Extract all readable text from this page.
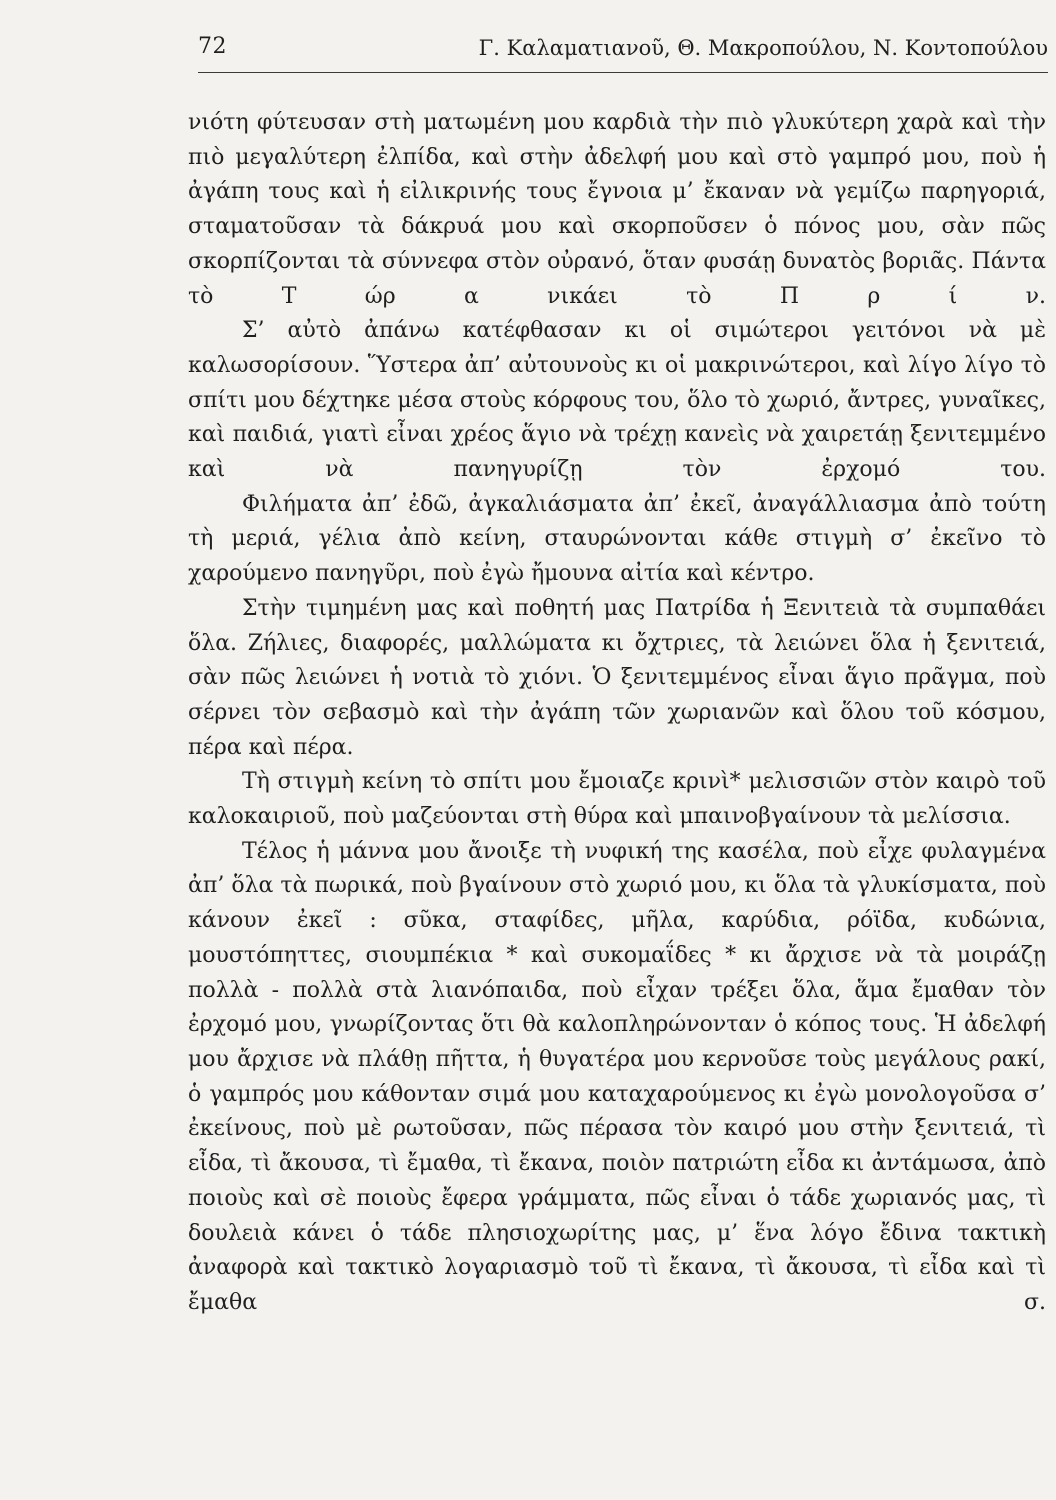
72	Γ. Καλαματιανοῦ, Θ. Μακροπούλου, Ν. Κοντοπούλου

νιότη φύτευσαν στὴ ματωμένη μου καρδιὰ τὴν πιὸ γλυκύτερη χαρὰ καὶ τὴν πιὸ μεγαλύτερη ἐλπίδα, καὶ στὴν ἀδελφή μου καὶ στὸ γαμπρό μου, ποὺ ἡ ἀγάπη τους καὶ ἡ εἰλικρινής τους ἔγνοια μ’ ἔκαναν νὰ γεμίζω παρηγοριά, σταματοῦσαν τὰ δάκρυά μου καὶ σκορποῦσεν ὁ πόνος μου, σὰν πῶς σκορπίζονται τὰ σύννεφα στὸν οὐρανό, ὅταν φυσάῃ δυνατὸς βοριᾶς. Πάντα τὸ Τ ώρ α νικάει τὸ Π ρ ί ν.

Σ’ αὐτὸ ἀπάνω κατέφθασαν κι οἱ σιμώτεροι γειτόνοι νὰ μὲ καλωσορίσουν. Ὕστερα ἀπ’ αὐτουνοὺς κι οἱ μακρινώτεροι, καὶ λίγο λίγο τὸ σπίτι μου δέχτηκε μέσα στοὺς κόρφους του, ὅλο τὸ χωριό, ἄντρες, γυναῖκες, καὶ παιδιά, γιατὶ εἶναι χρέος ἅγιο νὰ τρέχῃ κανεὶς νὰ χαιρετάῃ ξενιτεμμένο καὶ νὰ πανηγυρίζῃ τὸν ἐρχομό του.

Φιλήματα ἀπ’ ἐδῶ, ἀγκαλιάσματα ἀπ’ ἐκεῖ, ἀναγάλλιασμα ἀπὸ τούτη τὴ μεριά, γέλια ἀπὸ κείνη, σταυρώνονται κάθε στιγμὴ σ’ ἐκεῖνο τὸ χαρούμενο πανηγῦρι, ποὺ ἐγὼ ἤμουνα αἰτία καὶ κέντρο.

Στὴν τιμημένη μας καὶ ποθητή μας Πατρίδα ἡ Ξενιτειὰ τὰ συμπαθάει ὅλα. Ζήλιες, διαφορές, μαλλώματα κι ὄχτριες, τὰ λειώνει ὅλα ἡ ξενιτειά, σὰν πῶς λειώνει ἡ νοτιὰ τὸ χιόνι. Ὁ ξενιτεμμένος εἶναι ἅγιο πρᾶγμα, ποὺ σέρνει τὸν σεβασμὸ καὶ τὴν ἀγάπη τῶν χωριανῶν καὶ ὅλου τοῦ κόσμου, πέρα καὶ πέρα.

Τὴ στιγμὴ κείνη τὸ σπίτι μου ἔμοιαζε κρινὶ* μελισσιῶν στὸν καιρὸ τοῦ καλοκαιριοῦ, ποὺ μαζεύονται στὴ θύρα καὶ μπαινοβγαίνουν τὰ μελίσσια.

Τέλος ἡ μάννα μου ἄνοιξε τὴ νυφική της κασέλα, ποὺ εἶχε φυλαγμένα ἀπ’ ὅλα τὰ πωρικά, ποὺ βγαίνουν στὸ χωριό μου, κι ὅλα τὰ γλυκίσματα, ποὺ κάνουν ἐκεῖ : σῦκα, σταφίδες, μῆλα, καρύδια, ρόϊδα, κυδώνια, μουστόπηττες, σιουμπέκια * καὶ συκομαΐδες * κι ἄρχισε νὰ τὰ μοιράζῃ πολλὰ - πολλὰ στὰ λιανόπαιδα, ποὺ εἶχαν τρέξει ὅλα, ἅμα ἔμαθαν τὸν ἐρχομό μου, γνωρίζοντας ὅτι θὰ καλοπληρώνονταν ὁ κόπος τους. Ἡ ἀδελφή μου ἄρχισε νὰ πλάθῃ πῆττα, ἡ θυγατέρα μου κερνοῦσε τοὺς μεγάλους ρακί, ὁ γαμπρός μου κάθονταν σιμά μου καταχαρούμενος κι ἐγὼ μονολογοῦσα σ’ ἐκείνους, ποὺ μὲ ρωτοῦσαν, πῶς πέρασα τὸν καιρό μου στὴν ξενιτειά, τὶ εἶδα, τὶ ἄκουσα, τὶ ἔμαθα, τὶ ἔκανα, ποιὸν πατριώτη εἶδα κι ἀντάμωσα, ἀπὸ ποιοὺς καὶ σὲ ποιοὺς ἔφερα γράμματα, πῶς εἶναι ὁ τάδε χωριανός μας, τὶ δουλειὰ κάνει ὁ τάδε πλησιοχωρίτης μας, μ’ ἕνα λόγο ἔδινα τακτικὴ ἀναφορὰ καὶ τακτικὸ λογαριασμὸ τοῦ τὶ ἔκανα, τὶ ἄκουσα, τὶ εἶδα καὶ τὶ ἔμαθα σ.
